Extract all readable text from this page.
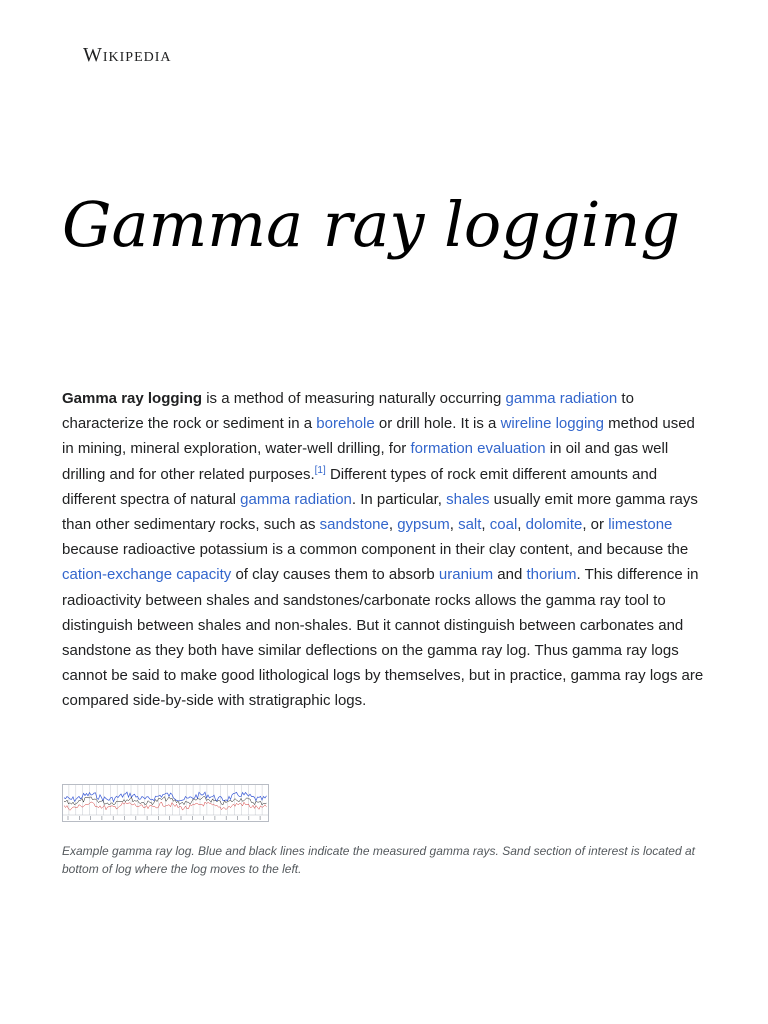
Wikipedia
Gamma ray logging

Gamma ray logging is a method of measuring naturally occurring gamma radiation to characterize the rock or sediment in a borehole or drill hole. It is a wireline logging method used in mining, mineral exploration, water-well drilling, for formation evaluation in oil and gas well drilling and for other related purposes.[1] Different types of rock emit different amounts and different spectra of natural gamma radiation. In particular, shales usually emit more gamma rays than other sedimentary rocks, such as sandstone, gypsum, salt, coal, dolomite, or limestone because radioactive potassium is a common component in their clay content, and because the cation-exchange capacity of clay causes them to absorb uranium and thorium. This difference in radioactivity between shales and sandstones/carbonate rocks allows the gamma ray tool to distinguish between shales and non-shales. But it cannot distinguish between carbonates and sandstone as they both have similar deflections on the gamma ray log. Thus gamma ray logs cannot be said to make good lithological logs by themselves, but in practice, gamma ray logs are compared side-by-side with stratigraphic logs.

Example gamma ray log. Blue and black lines indicate the measured gamma rays. Sand section of interest is located at bottom of log where the log moves to the left.
